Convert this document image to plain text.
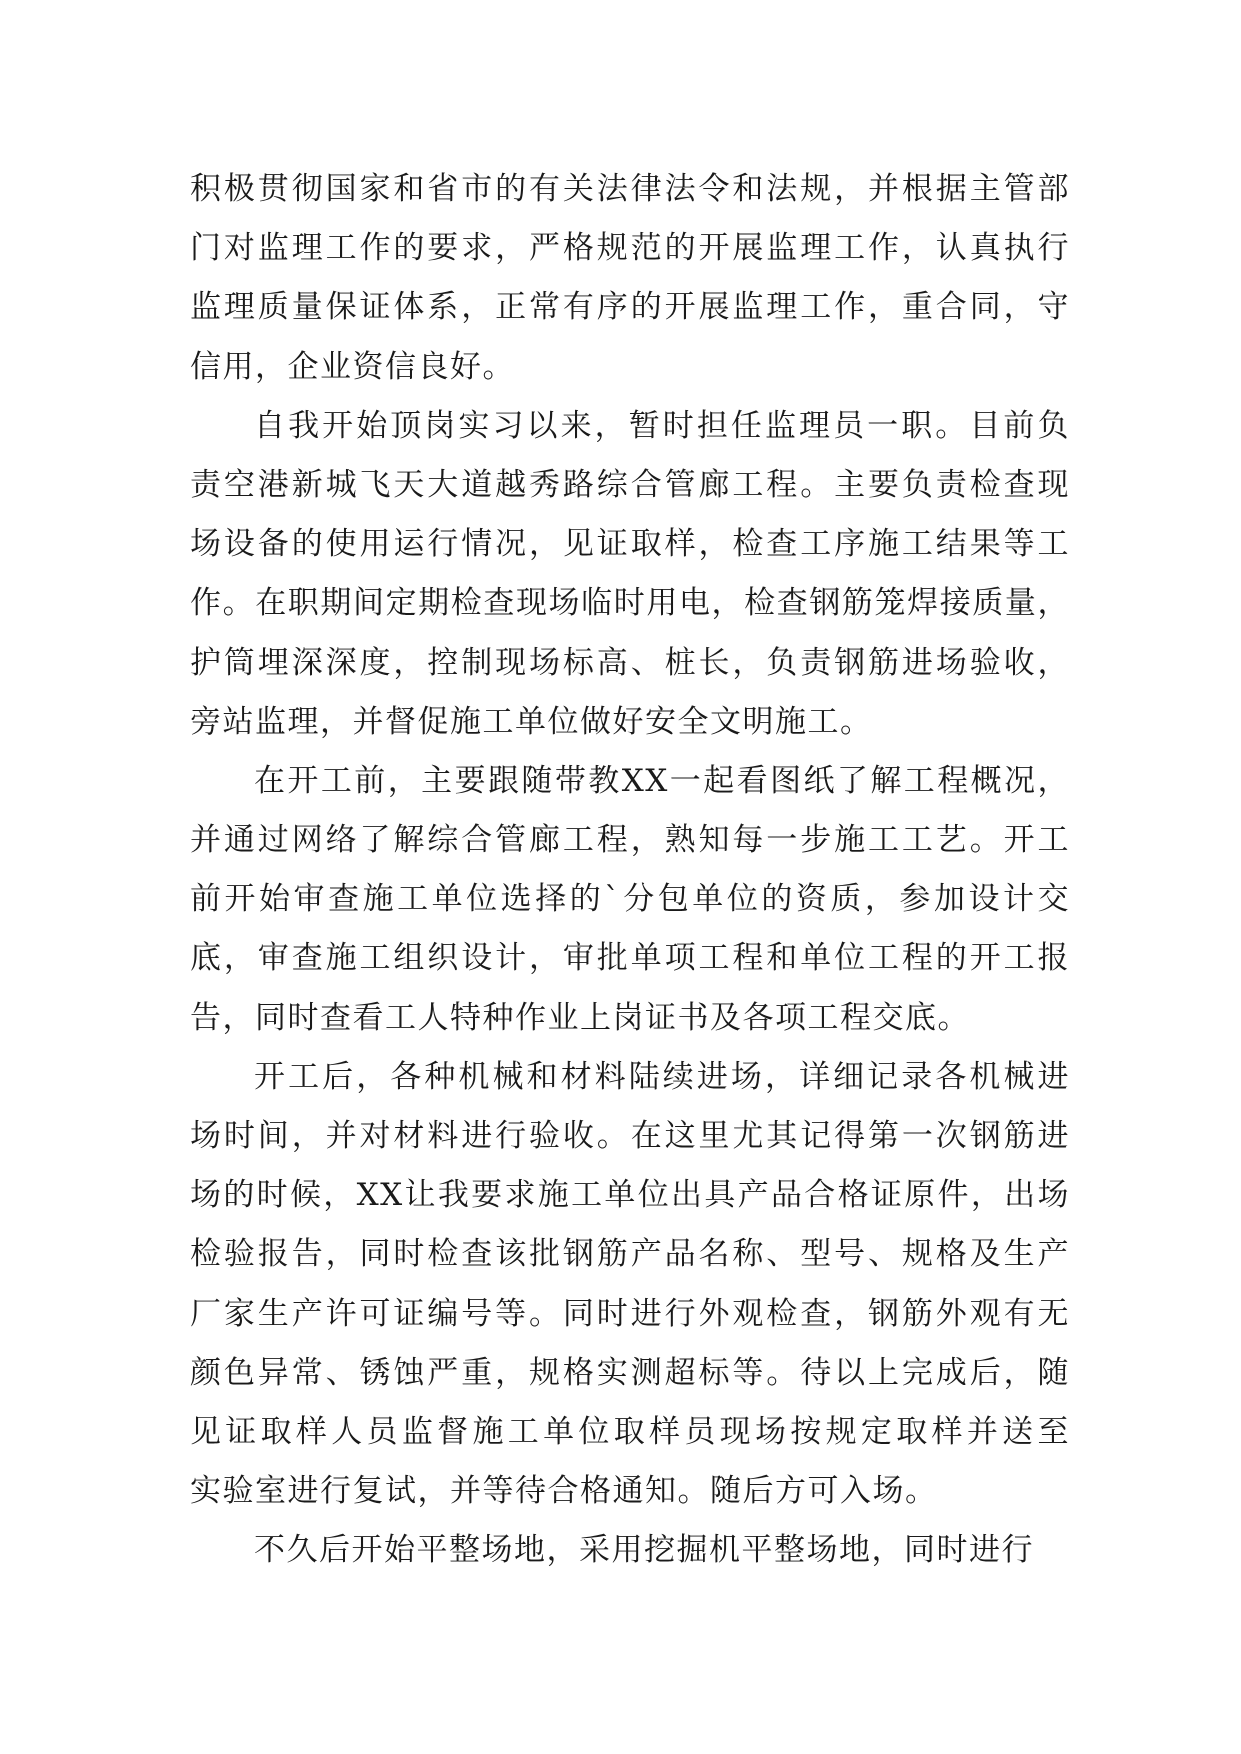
积极贯彻国家和省市的有关法律法令和法规，并根据主管部
门对监理工作的要求，严格规范的开展监理工作，认真执行
监理质量保证体系，正常有序的开展监理工作，重合同，守
信用，企业资信良好。
自我开始顶岗实习以来，暂时担任监理员一职。目前负
责空港新城飞天大道越秀路综合管廊工程。主要负责检查现
场设备的使用运行情况，见证取样，检查工序施工结果等工
作。在职期间定期检查现场临时用电，检查钢筋笼焊接质量，
护筒埋深深度，控制现场标高、桩长，负责钢筋进场验收，
旁站监理，并督促施工单位做好安全文明施工。
在开工前，主要跟随带教XX一起看图纸了解工程概况，
并通过网络了解综合管廊工程，熟知每一步施工工艺。开工
前开始审查施工单位选择的`分包单位的资质，参加设计交
底，审查施工组织设计，审批单项工程和单位工程的开工报
告，同时查看工人特种作业上岗证书及各项工程交底。
开工后，各种机械和材料陆续进场，详细记录各机械进
场时间，并对材料进行验收。在这里尤其记得第一次钢筋进
场的时候，XX让我要求施工单位出具产品合格证原件，出场
检验报告，同时检查该批钢筋产品名称、型号、规格及生产
厂家生产许可证编号等。同时进行外观检查，钢筋外观有无
颜色异常、锈蚀严重，规格实测超标等。待以上完成后，随
见证取样人员监督施工单位取样员现场按规定取样并送至
实验室进行复试，并等待合格通知。随后方可入场。
不久后开始平整场地，采用挖掘机平整场地，同时进行
